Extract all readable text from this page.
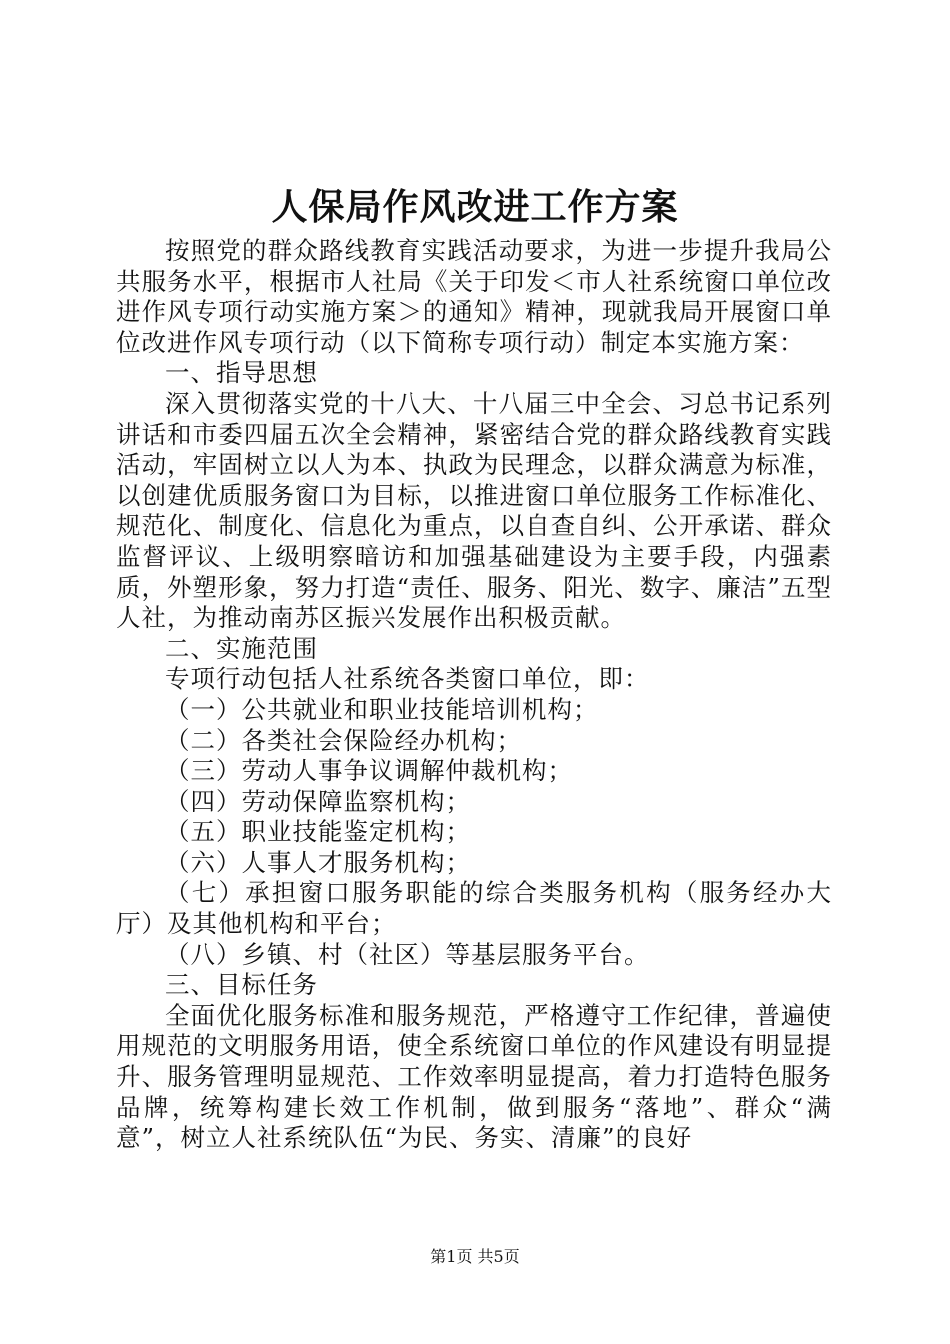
人保局作风改进工作方案

按照党的群众路线教育实践活动要求，为进一步提升我局公共服务水平，根据市人社局《关于印发＜市人社系统窗口单位改进作风专项行动实施方案＞的通知》精神，现就我局开展窗口单位改进作风专项行动（以下简称专项行动）制定本实施方案：

一、指导思想

深入贯彻落实党的十八大、十八届三中全会、习总书记系列讲话和市委四届五次全会精神，紧密结合党的群众路线教育实践活动，牢固树立以人为本、执政为民理念，以群众满意为标准，以创建优质服务窗口为目标，以推进窗口单位服务工作标准化、规范化、制度化、信息化为重点，以自查自纠、公开承诺、群众监督评议、上级明察暗访和加强基础建设为主要手段，内强素质，外塑形象，努力打造“责任、服务、阳光、数字、廉洁”五型人社，为推动南苏区振兴发展作出积极贡献。

二、实施范围

专项行动包括人社系统各类窗口单位，即：

（一）公共就业和职业技能培训机构；

（二）各类社会保险经办机构；

（三）劳动人事争议调解仲裁机构；

（四）劳动保障监察机构；

（五）职业技能鉴定机构；

（六）人事人才服务机构；

（七）承担窗口服务职能的综合类服务机构（服务经办大厅）及其他机构和平台；

（八）乡镇、村（社区）等基层服务平台。

三、目标任务

全面优化服务标准和服务规范，严格遵守工作纪律，普遍使用规范的文明服务用语，使全系统窗口单位的作风建设有明显提升、服务管理明显规范、工作效率明显提高，着力打造特色服务品牌，统筹构建长效工作机制，做到服务“落地”、群众“满意”，树立人社系统队伍“为民、务实、清廉”的良好

第1页 共5页
